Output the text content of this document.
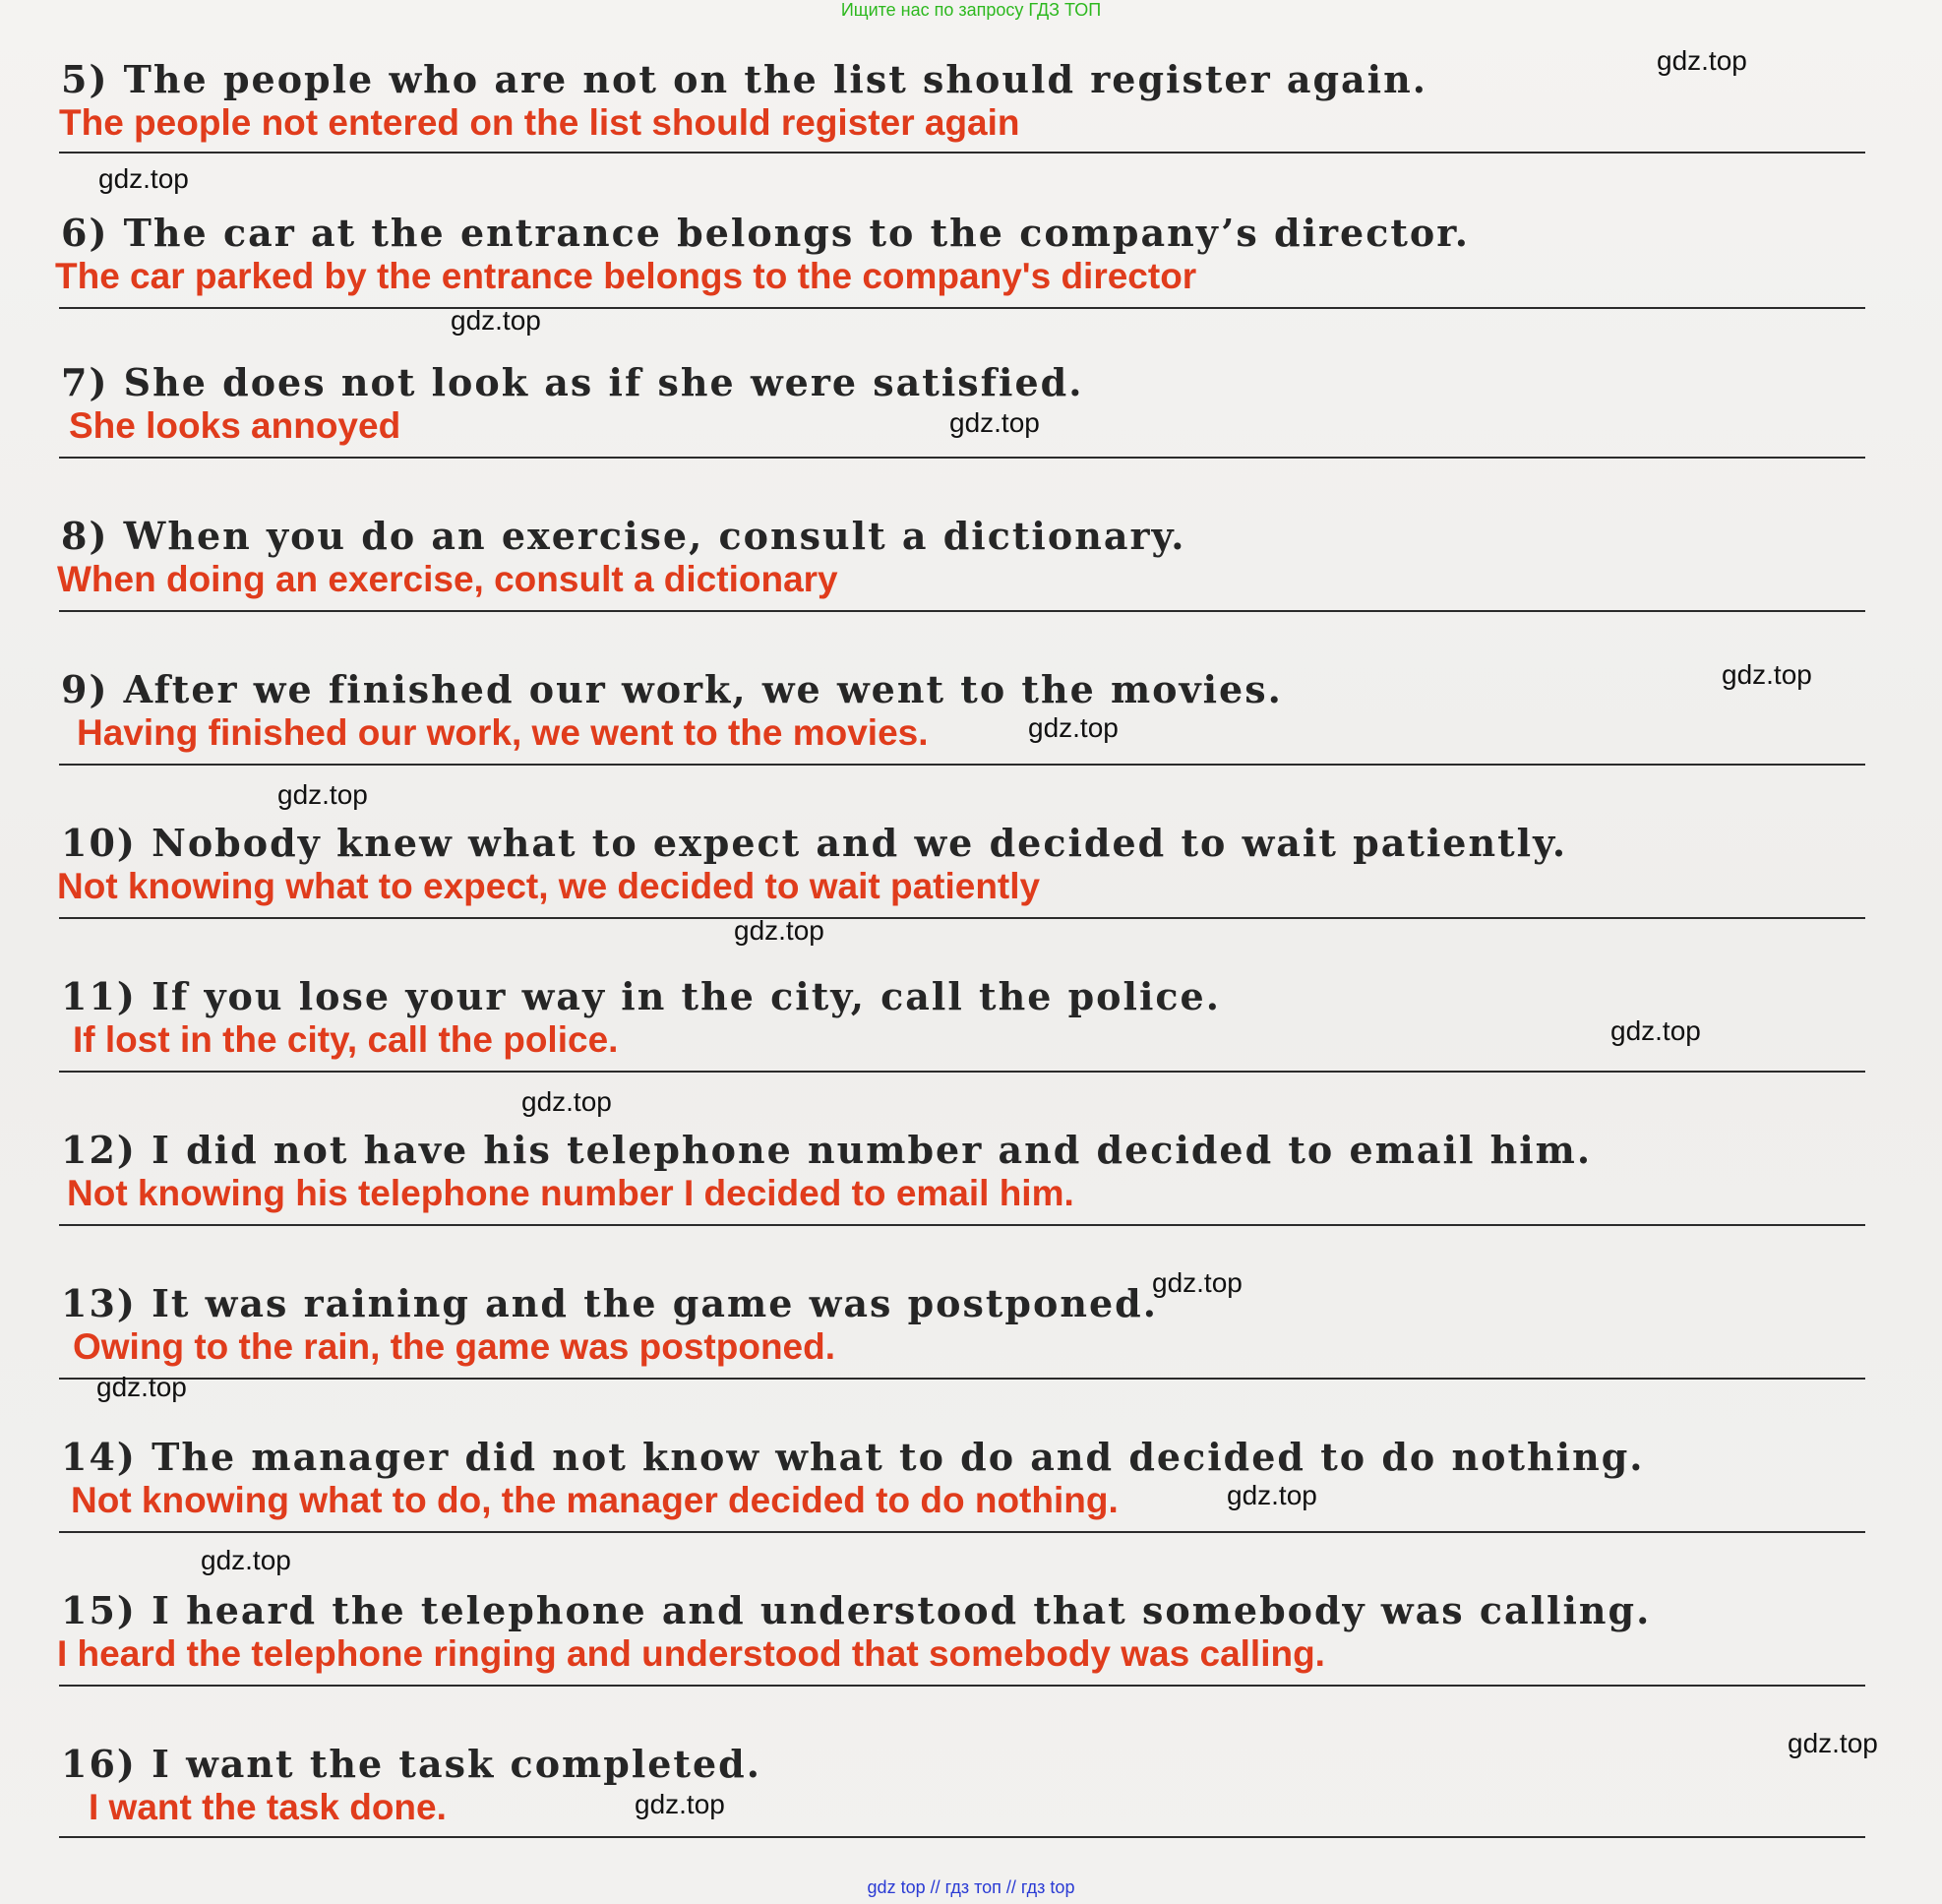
Ищите нас по запросу ГДЗ ТОП
5) The people who are not on the list should register again.
The people not entered on the list should register again
6) The car at the entrance belongs to the company’s director.
The car parked by the entrance belongs to the company's director
7) She does not look as if she were satisfied.
She looks annoyed
8) When you do an exercise, consult a dictionary.
When doing an exercise, consult a dictionary
9) After we finished our work, we went to the movies.
Having finished our work, we went to the movies.
10) Nobody knew what to expect and we decided to wait patiently.
Not knowing what to expect, we decided to wait patiently
11) If you lose your way in the city, call the police.
If lost in the city, call the police.
12) I did not have his telephone number and decided to email him.
Not knowing his telephone number I decided to email him.
13) It was raining and the game was postponed.
Owing to the rain, the game was postponed.
14) The manager did not know what to do and decided to do nothing.
Not knowing what to do, the manager decided to do nothing.
15) I heard the telephone and understood that somebody was calling.
I heard the telephone ringing and understood that somebody was calling.
16) I want the task completed.
I want the task done.
gdz.top
gdz.top
gdz.top
gdz.top
gdz.top
gdz.top
gdz.top
gdz.top
gdz.top
gdz.top
gdz.top
gdz.top
gdz.top
gdz.top
gdz.top
gdz.top
gdz top // гдз топ // гдз top
